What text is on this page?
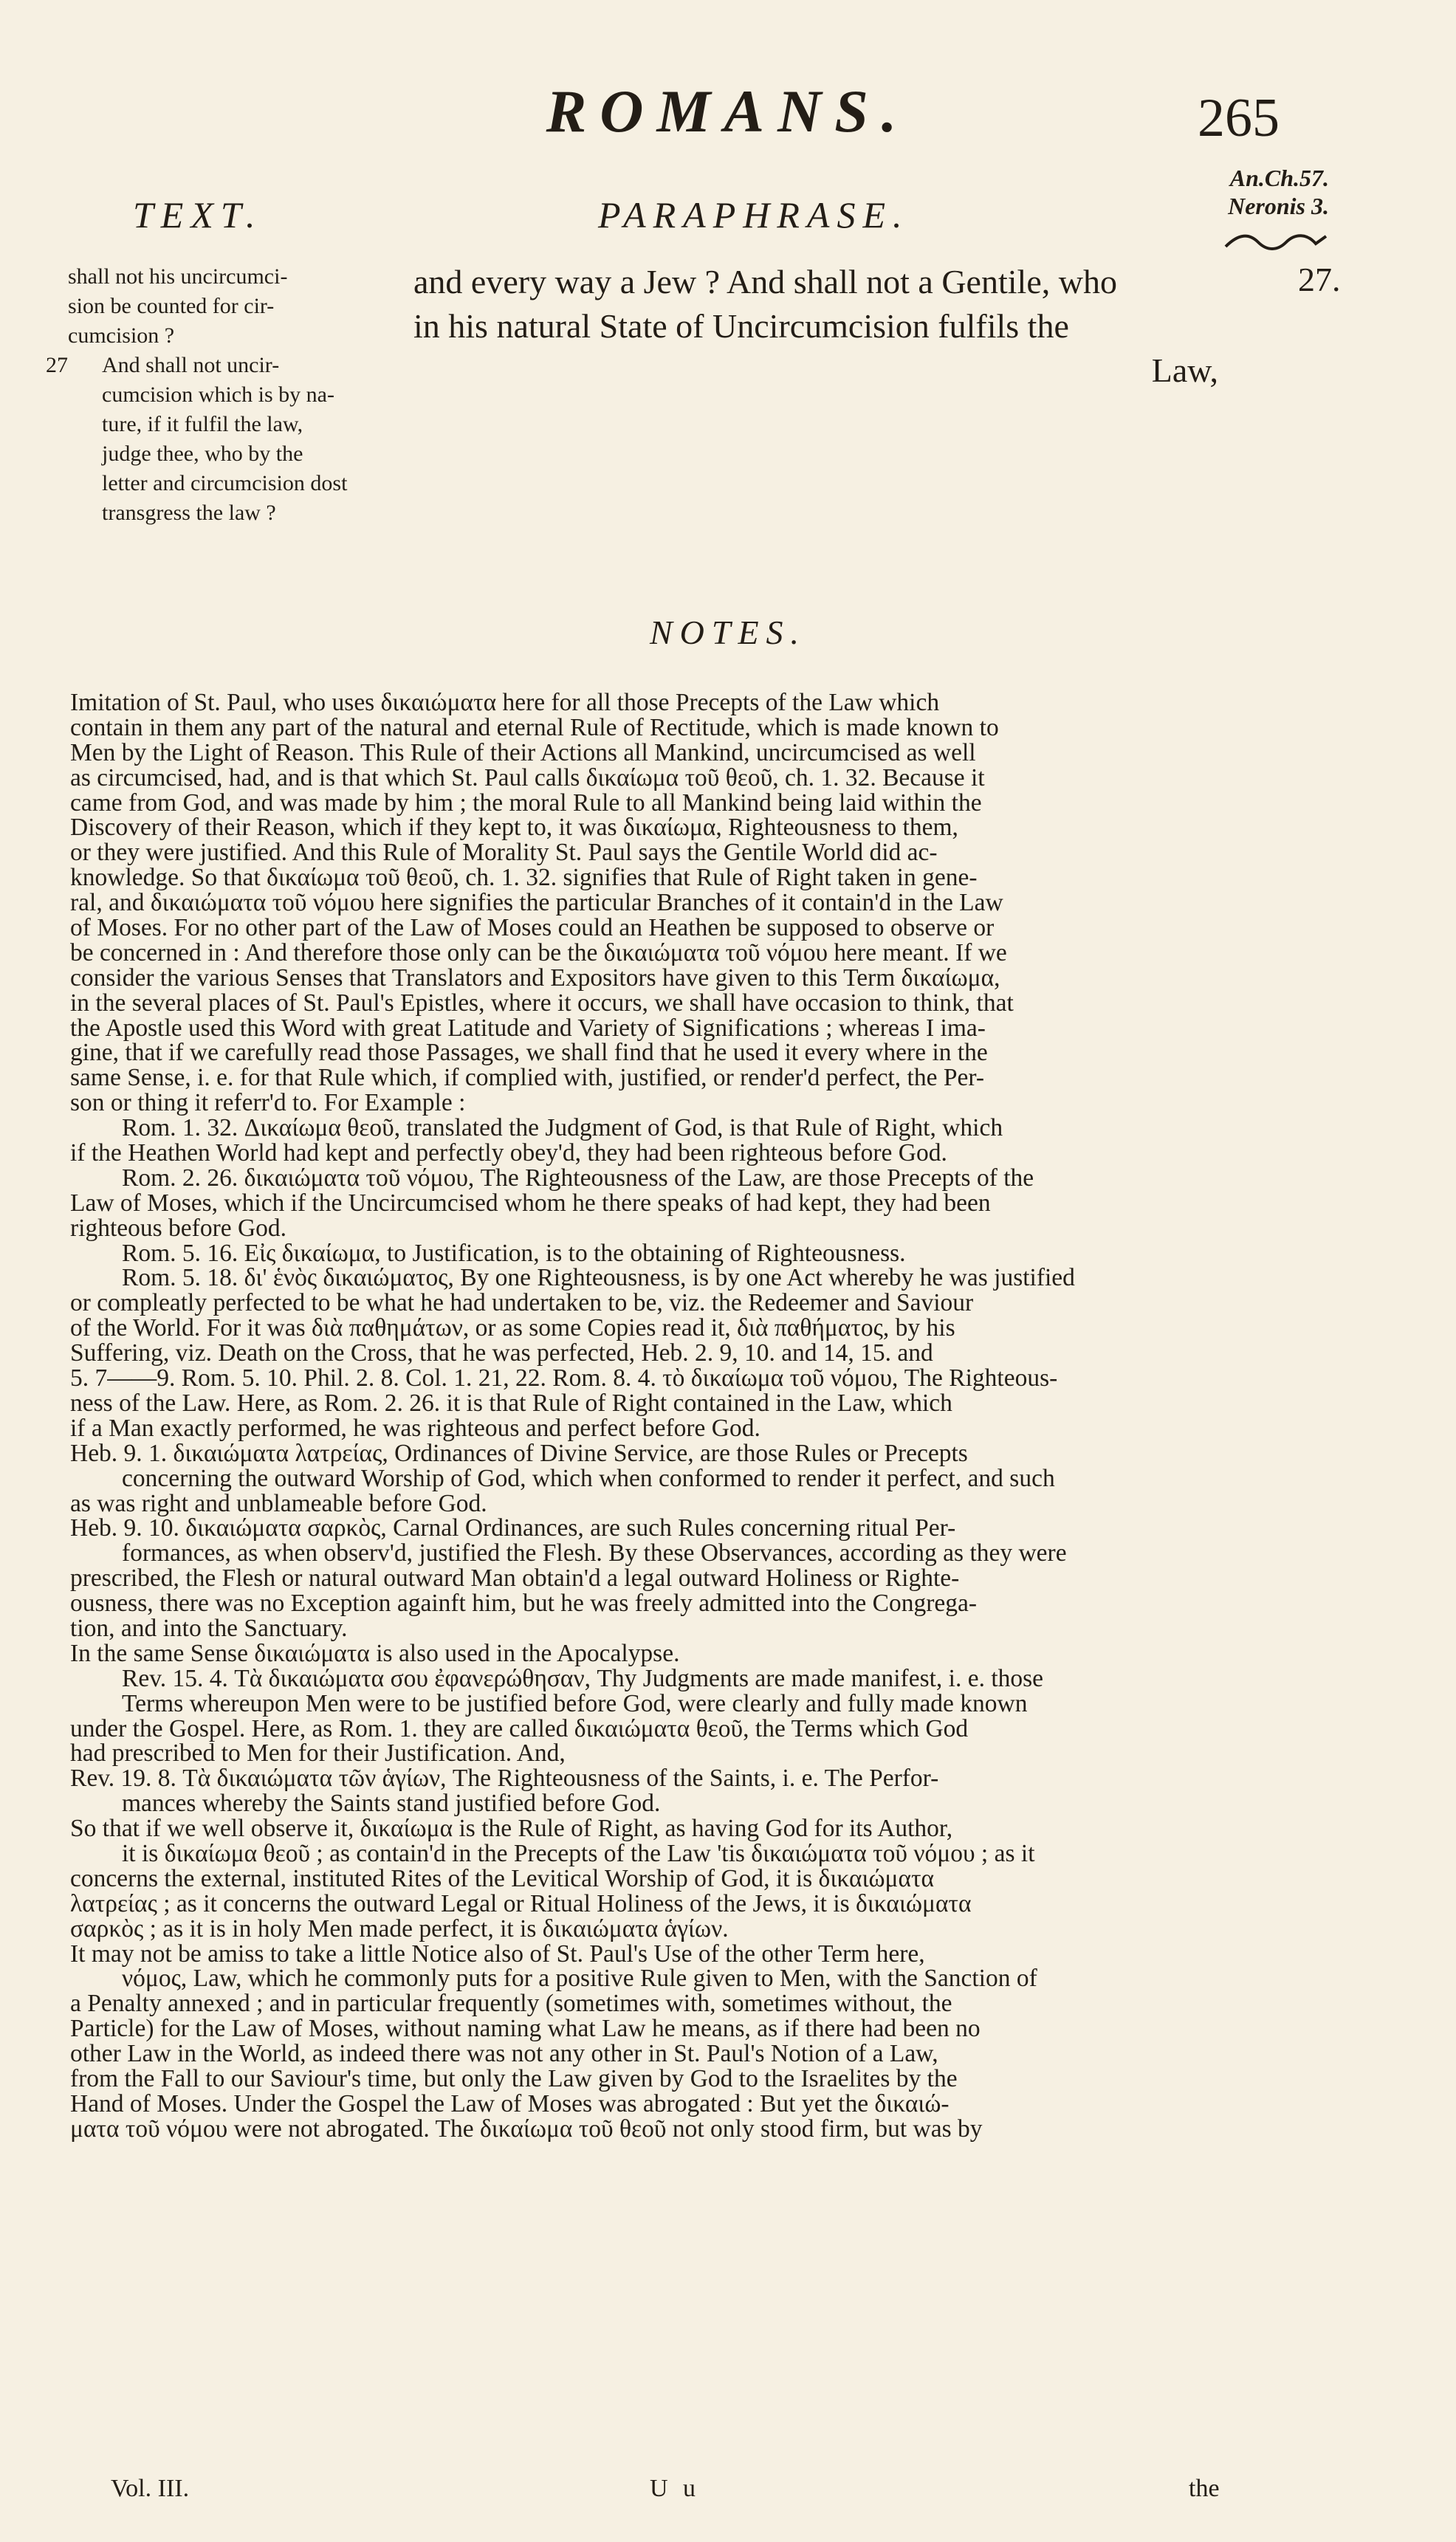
ROMANS.	265
An.Ch.57.
Neronis 3.
TEXT.	PARAPHRASE.
shall not his uncircumci-
sion be counted for cir-
cumcision ?
27	And shall not uncir-
cumcision which is by na-
ture, if it fulfil the law,
judge thee, who by the
letter and circumcision dost
transgress the law ?
and every way a Jew ? And shall not a Gentile, who
in his natural State of Uncircumcision fulfils the
Law,
27.
NOTES.
Imitation of St. Paul, who uses δικαιώματα here for all those Precepts of the Law which
contain in them any part of the natural and eternal Rule of Rectitude, which is made known to
Men by the Light of Reason. This Rule of their Actions all Mankind, uncircumcised as well
as circumcised, had, and is that which St. Paul calls δικαίωμα τοῦ θεοῦ, ch. 1. 32. Because it
came from God, and was made by him ; the moral Rule to all Mankind being laid within the
Discovery of their Reason, which if they kept to, it was δικαίωμα, Righteousness to them,
or they were justified. And this Rule of Morality St. Paul says the Gentile World did ac-
knowledge. So that δικαίωμα τοῦ θεοῦ, ch. 1. 32. signifies that Rule of Right taken in gene-
ral, and δικαιώματα τοῦ νόμου here signifies the particular Branches of it contain'd in the Law
of Moses. For no other part of the Law of Moses could an Heathen be supposed to observe or
be concerned in : And therefore those only can be the δικαιώματα τοῦ νόμου here meant. If we
consider the various Senses that Translators and Expositors have given to this Term δικαίωμα,
in the several places of St. Paul's Epistles, where it occurs, we shall have occasion to think, that
the Apostle used this Word with great Latitude and Variety of Significations ; whereas I ima-
gine, that if we carefully read those Passages, we shall find that he used it every where in the
same Sense, i. e. for that Rule which, if complied with, justified, or render'd perfect, the Per-
son or thing it referr'd to. For Example :
Rom. 1. 32. Δικαίωμα θεοῦ, translated the Judgment of God, is that Rule of Right, which
if the Heathen World had kept and perfectly obey'd, they had been righteous before God.
Rom. 2. 26. δικαιώματα τοῦ νόμου, The Righteousness of the Law, are those Precepts of the
Law of Moses, which if the Uncircumcised whom he there speaks of had kept, they had been
righteous before God.
Rom. 5. 16. Εἰς δικαίωμα, to Justification, is to the obtaining of Righteousness.
Rom. 5. 18. δι' ἑνὸς δικαιώματος, By one Righteousness, is by one Act whereby he was justified
or compleatly perfected to be what he had undertaken to be, viz. the Redeemer and Saviour
of the World. For it was διὰ παθημάτων, or as some Copies read it, διὰ παθήματος, by his
Suffering, viz. Death on the Cross, that he was perfected, Heb. 2. 9, 10. and 14, 15. and
5. 7——9. Rom. 5. 10. Phil. 2. 8. Col. 1. 21, 22. Rom. 8. 4. τὸ δικαίωμα τοῦ νόμου, The Righteous-
ness of the Law. Here, as Rom. 2. 26. it is that Rule of Right contained in the Law, which
if a Man exactly performed, he was righteous and perfect before God.
Heb. 9. 1. δικαιώματα λατρείας, Ordinances of Divine Service, are those Rules or Precepts
concerning the outward Worship of God, which when conformed to render it perfect, and such
as was right and unblameable before God.
Heb. 9. 10. δικαιώματα σαρκὸς, Carnal Ordinances, are such Rules concerning ritual Per-
formances, as when observ'd, justified the Flesh. By these Observances, according as they were
prescribed, the Flesh or natural outward Man obtain'd a legal outward Holiness or Righte-
ousness, there was no Exception againft him, but he was freely admitted into the Congrega-
tion, and into the Sanctuary.
In the same Sense δικαιώματα is also used in the Apocalypse.
Rev. 15. 4. Τὰ δικαιώματα σου ἐφανερώθησαν, Thy Judgments are made manifest, i. e. those
Terms whereupon Men were to be justified before God, were clearly and fully made known
under the Gospel. Here, as Rom. 1. they are called δικαιώματα θεοῦ, the Terms which God
had prescribed to Men for their Justification. And,
Rev. 19. 8. Τὰ δικαιώματα τῶν ἁγίων, The Righteousness of the Saints, i. e. The Perfor-
mances whereby the Saints stand justified before God.
So that if we well observe it, δικαίωμα is the Rule of Right, as having God for its Author,
it is δικαίωμα θεοῦ ; as contain'd in the Precepts of the Law 'tis δικαιώματα τοῦ νόμου ; as it
concerns the external, instituted Rites of the Levitical Worship of God, it is δικαιώματα
λατρείας ; as it concerns the outward Legal or Ritual Holiness of the Jews, it is δικαιώματα
σαρκὸς ; as it is in holy Men made perfect, it is δικαιώματα ἁγίων.
It may not be amiss to take a little Notice also of St. Paul's Use of the other Term here,
νόμος, Law, which he commonly puts for a positive Rule given to Men, with the Sanction of
a Penalty annexed ; and in particular frequently (sometimes with, sometimes without, the
Particle) for the Law of Moses, without naming what Law he means, as if there had been no
other Law in the World, as indeed there was not any other in St. Paul's Notion of a Law,
from the Fall to our Saviour's time, but only the Law given by God to the Israelites by the
Hand of Moses. Under the Gospel the Law of Moses was abrogated : But yet the δικαιώ-
ματα τοῦ νόμου were not abrogated. The δικαίωμα τοῦ θεοῦ not only stood firm, but was by
Vol. III.	U u	the
